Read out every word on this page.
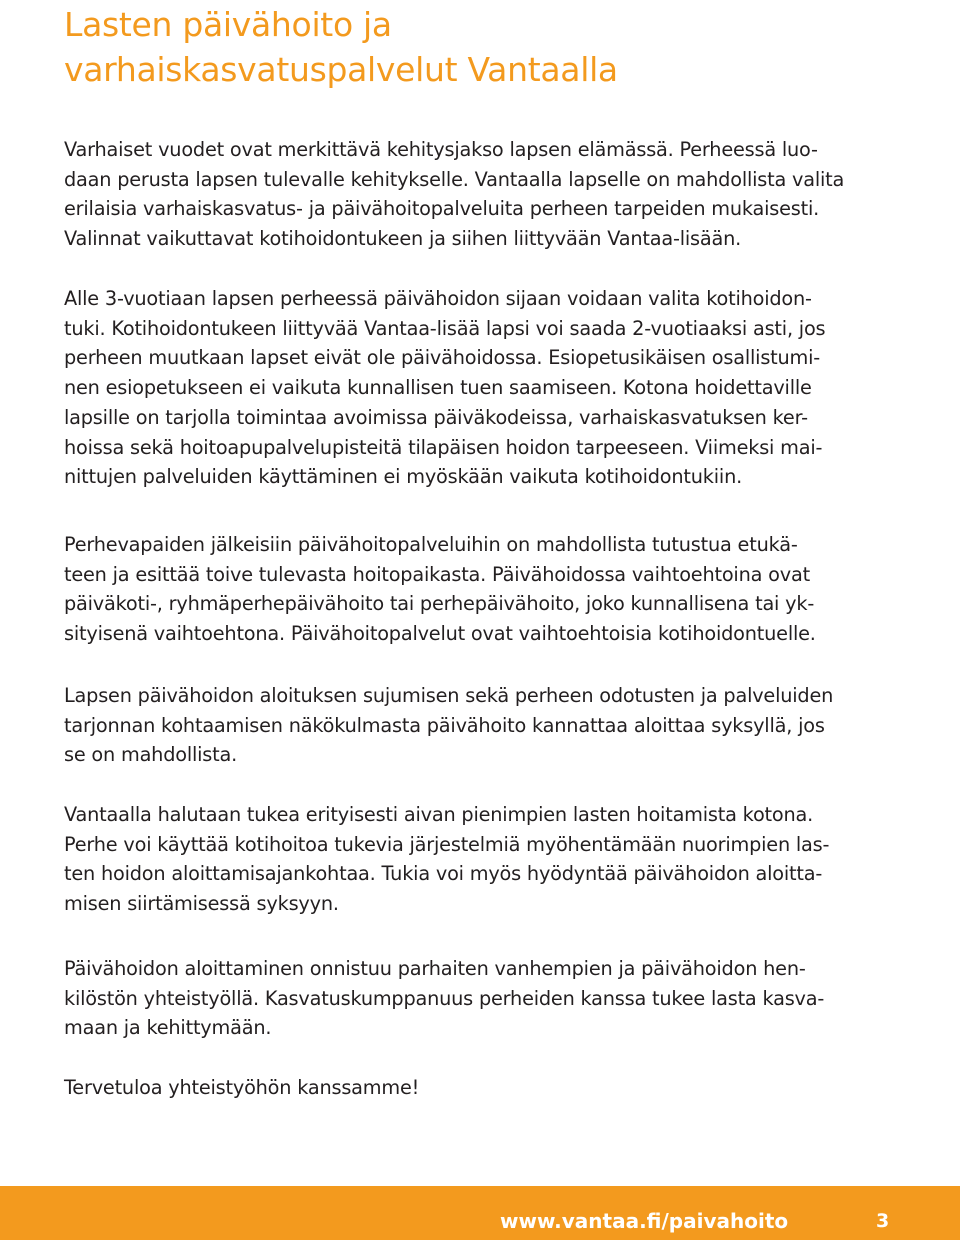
Lasten päivähoito ja
varhaiskasvatuspalvelut Vantaalla

Varhaiset vuodet ovat merkittävä kehitysjakso lapsen elämässä. Perheessä luo-
daan perusta lapsen tulevalle kehitykselle. Vantaalla lapselle on mahdollista valita
erilaisia varhaiskasvatus- ja päivähoitopalveluita perheen tarpeiden mukaisesti.
Valinnat vaikuttavat kotihoidontukeen ja siihen liittyvään Vantaa-lisään.

Alle 3-vuotiaan lapsen perheessä päivähoidon sijaan voidaan valita kotihoidon-
tuki. Kotihoidontukeen liittyvää Vantaa-lisää lapsi voi saada 2-vuotiaaksi asti, jos
perheen muutkaan lapset eivät ole päivähoidossa. Esiopetusikäisen osallistumi-
nen esiopetukseen ei vaikuta kunnallisen tuen saamiseen. Kotona hoidettaville
lapsille on tarjolla toimintaa avoimissa päiväkodeissa, varhaiskasvatuksen ker-
hoissa sekä hoitoapupalvelupisteitä tilapäisen hoidon tarpeeseen. Viimeksi mai-
nittujen palveluiden käyttäminen ei myöskään vaikuta kotihoidontukiin.

Perhevapaiden jälkeisiin päivähoitopalveluihin on mahdollista tutustua etukä-
teen ja esittää toive tulevasta hoitopaikasta. Päivähoidossa vaihtoehtoina ovat
päiväkoti-, ryhmäperhepäivähoito tai perhepäivähoito, joko kunnallisena tai yk-
sityisenä vaihtoehtona. Päivähoitopalvelut ovat vaihtoehtoisia kotihoidontuelle.

Lapsen päivähoidon aloituksen sujumisen sekä perheen odotusten ja palveluiden
tarjonnan kohtaamisen näkökulmasta päivähoito kannattaa aloittaa syksyllä, jos
se on mahdollista.

Vantaalla halutaan tukea erityisesti aivan pienimpien lasten hoitamista kotona.
Perhe voi käyttää kotihoitoa tukevia järjestelmiä myöhentämään nuorimpien las-
ten hoidon aloittamisajankohtaa. Tukia voi myös hyödyntää päivähoidon aloitta-
misen siirtämisessä syksyyn.

Päivähoidon aloittaminen onnistuu parhaiten vanhempien ja päivähoidon hen-
kilöstön yhteistyöllä. Kasvatuskumppanuus perheiden kanssa tukee lasta kasva-
maan ja kehittymään.

Tervetuloa yhteistyöhön kanssamme!

www.vantaa.fi/paivahoito	3
